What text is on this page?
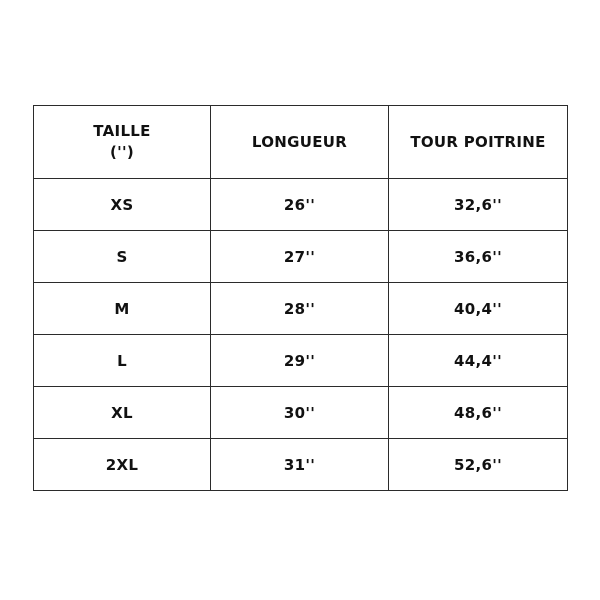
TAILLE
('')	LONGUEUR	TOUR POITRINE

XS	26''	32,6''
S	27''	36,6''
M	28''	40,4''
L	29''	44,4''
XL	30''	48,6''
2XL	31''	52,6''
